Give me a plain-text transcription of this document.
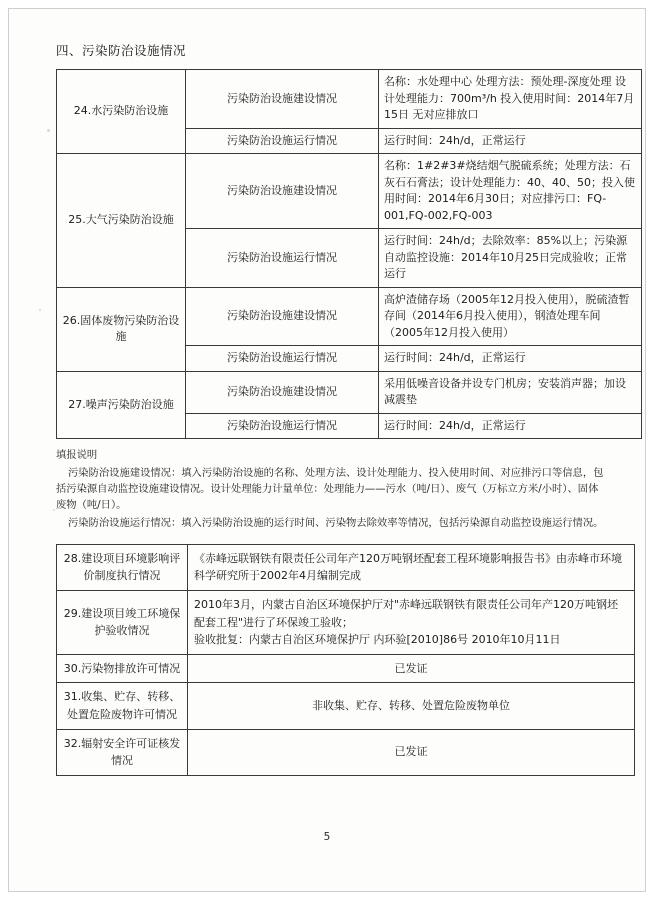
四、污染防治设施情况
24.水污染防治设施	污染防治设施建设情况	名称：水处理中心 处理方法：预处理-深度处理 设计处理能力：700m³/h 投入使用时间：2014年7月15日 无对应排放口
	污染防治设施运行情况	运行时间：24h/d，正常运行
25.大气污染防治设施	污染防治设施建设情况	名称：1#2#3#烧结烟气脱硫系统；处理方法：石灰石石膏法；设计处理能力：40、40、50；投入使用时间：2014年6月30日；对应排污口：FQ-001,FQ-002,FQ-003
	污染防治设施运行情况	运行时间：24h/d；去除效率：85%以上；污染源自动监控设施：2014年10月25日完成验收；正常运行
26.固体废物污染防治设施	污染防治设施建设情况	高炉渣储存场（2005年12月投入使用），脱硫渣暂存间（2014年6月投入使用），钢渣处理车间（2005年12月投入使用）
	污染防治设施运行情况	运行时间：24h/d，正常运行
27.噪声污染防治设施	污染防治设施建设情况	采用低噪音设备并设专门机房；安装消声器；加设减震垫
	污染防治设施运行情况	运行时间：24h/d，正常运行

填报说明

污染防治设施建设情况：填入污染防治设施的名称、处理方法、设计处理能力、投入使用时间、对应排污口等信息，包括污染源自动监控设施建设情况。设计处理能力计量单位：处理能力——污水（吨/日）、废气（万标立方米/小时）、固体废物（吨/日）。

污染防治设施运行情况：填入污染防治设施的运行时间、污染物去除效率等情况，包括污染源自动监控设施运行情况。

28.建设项目环境影响评价制度执行情况	《赤峰远联钢铁有限责任公司年产120万吨钢坯配套工程环境影响报告书》由赤峰市环境科学研究所于2002年4月编制完成
29.建设项目竣工环境保护验收情况	2010年3月，内蒙古自治区环境保护厅对"赤峰远联钢铁有限责任公司年产120万吨钢坯配套工程"进行了环保竣工验收；
验收批复：内蒙古自治区环境保护厅 内环验[2010]86号 2010年10月11日

30.污染物排放许可情况	已发证
31.收集、贮存、转移、处置危险废物许可情况	非收集、贮存、转移、处置危险废物单位
32.辐射安全许可证核发情况	已发证
5
